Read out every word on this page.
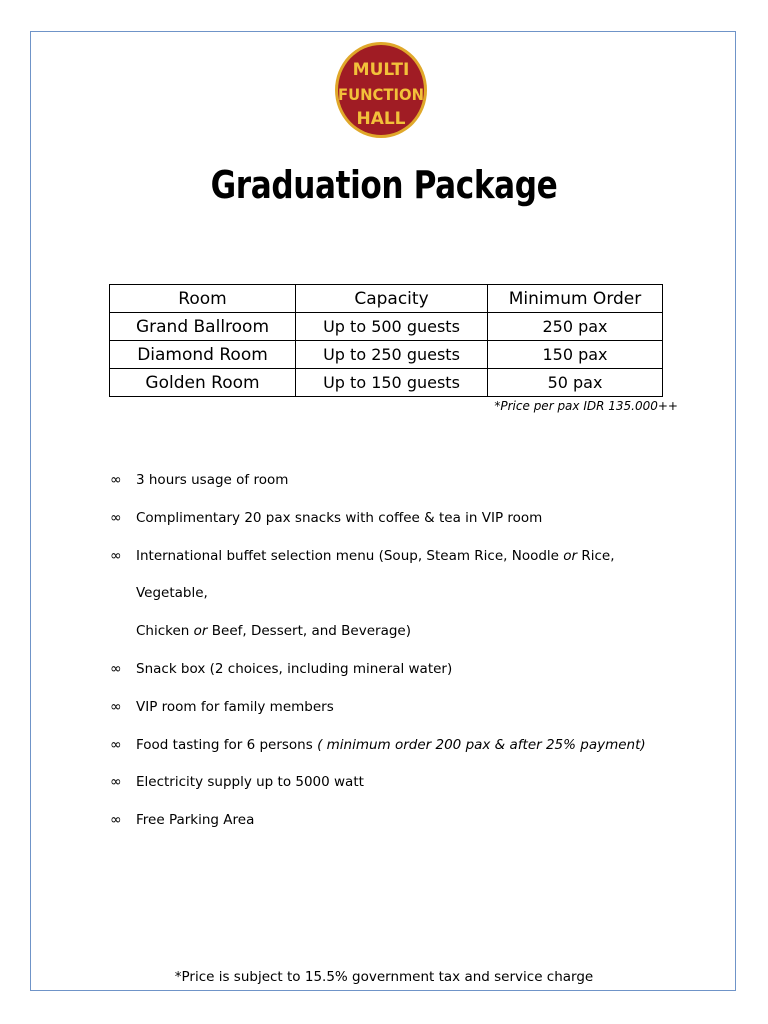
MULTI
FUNCTION
HALL
Graduation Package
Room	Capacity	Minimum Order
Grand Ballroom	Up to 500 guests	250 pax
Diamond Room	Up to 250 guests	150 pax
Golden Room	Up to 150 guests	50 pax
*Price per pax IDR 135.000++
∞ 3 hours usage of room
∞ Complimentary 20 pax snacks with coffee & tea in VIP room
∞ International buffet selection menu (Soup, Steam Rice, Noodle or Rice, Vegetable,
Chicken or Beef, Dessert, and Beverage)
∞ Snack box (2 choices, including mineral water)
∞ VIP room for family members
∞ Food tasting for 6 persons ( minimum order 200 pax & after 25% payment)
∞ Electricity supply up to 5000 watt
∞ Free Parking Area
*Price is subject to 15.5% government tax and service charge
